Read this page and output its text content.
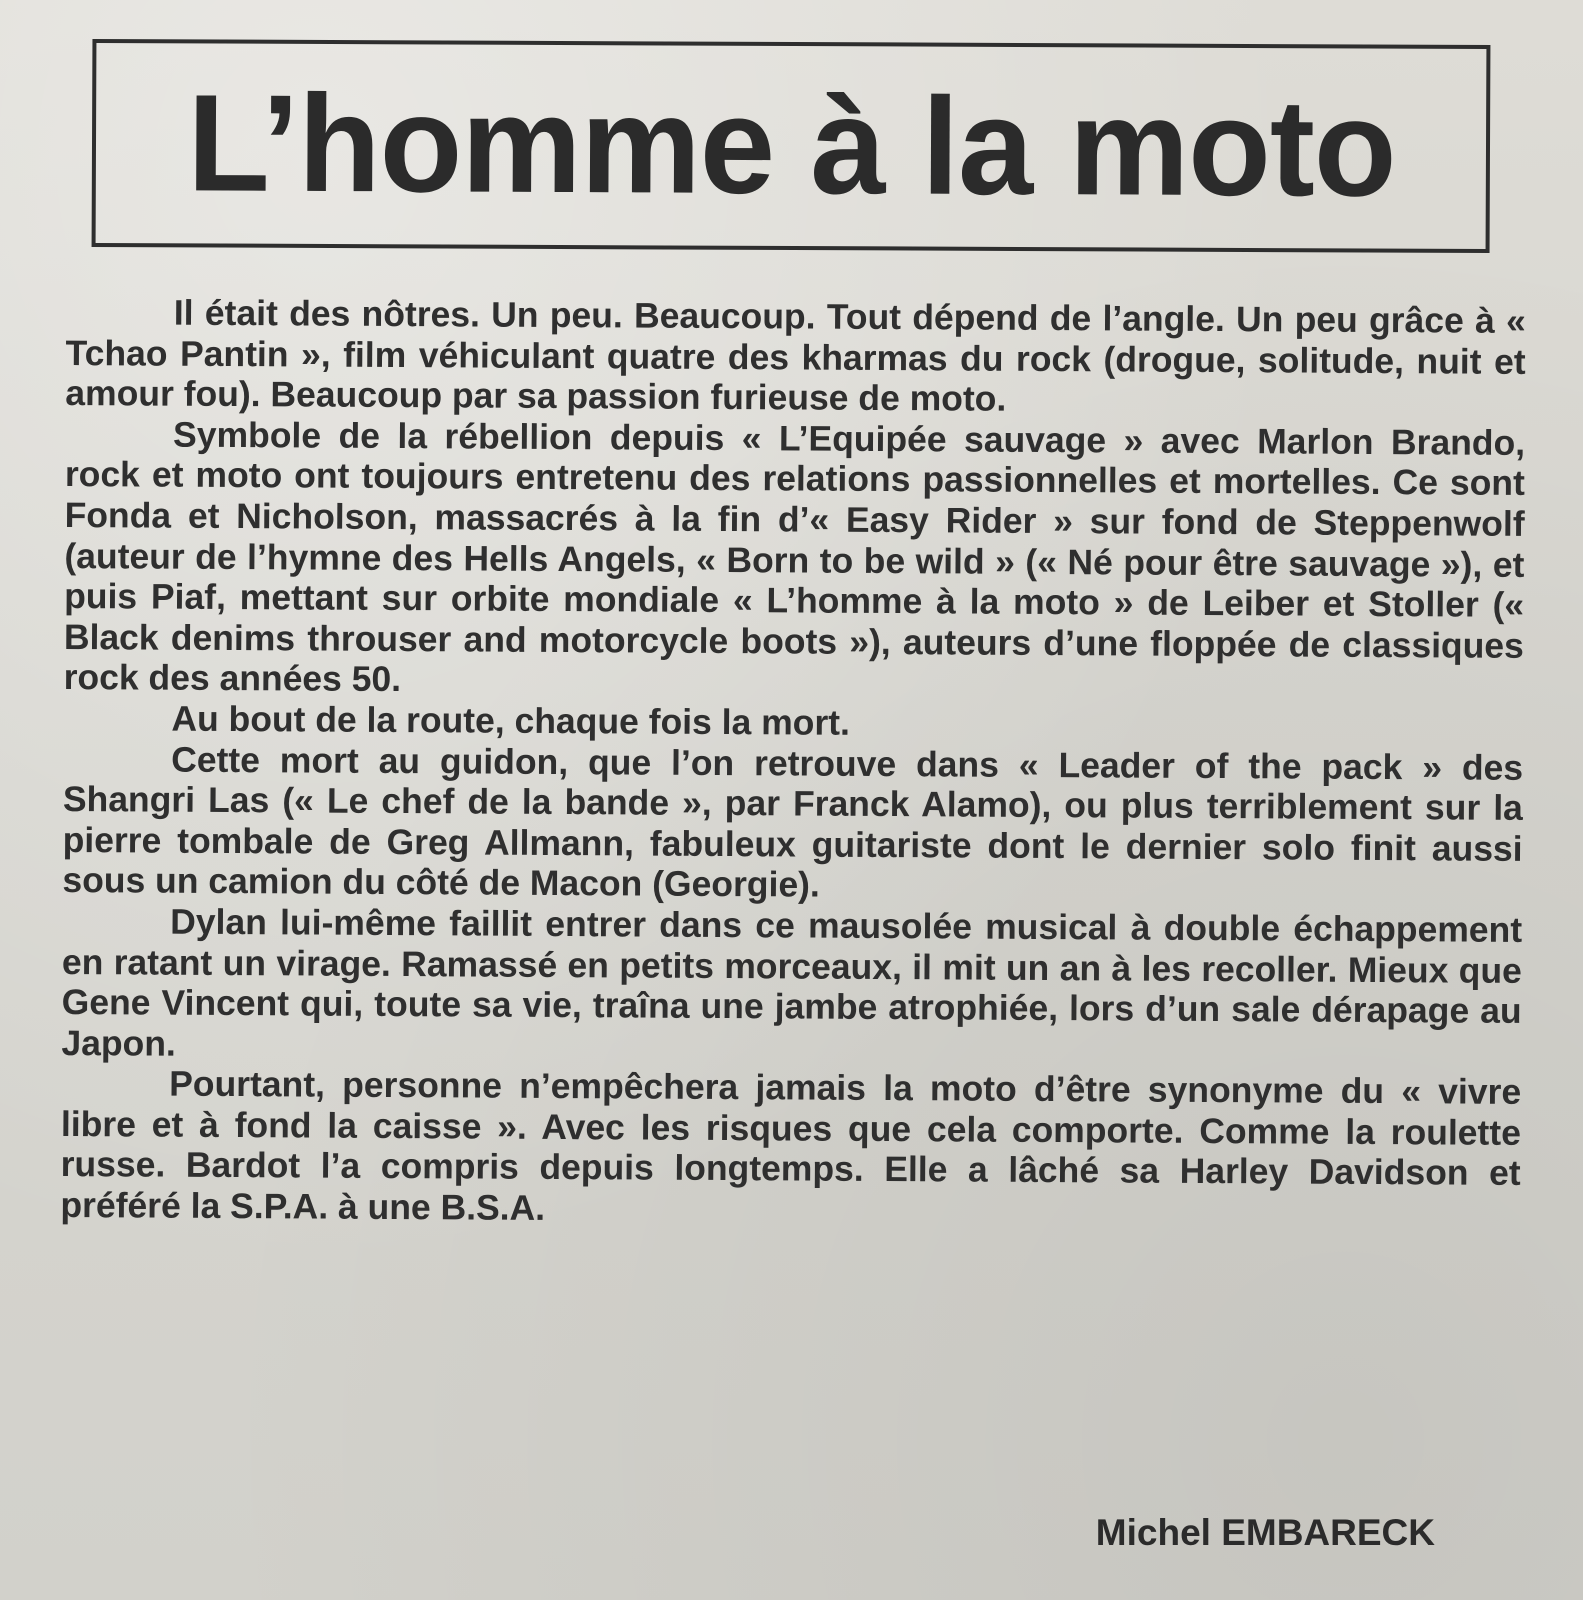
L’homme à la moto

Il était des nôtres. Un peu. Beaucoup. Tout dépend de l’angle. Un peu grâce à « Tchao Pantin », film véhiculant quatre des kharmas du rock (drogue, solitude, nuit et amour fou). Beaucoup par sa passion furieuse de moto.

Symbole de la rébellion depuis « L’Equipée sauvage » avec Marlon Brando, rock et moto ont toujours entretenu des relations passionnelles et mortelles. Ce sont Fonda et Nicholson, massacrés à la fin d’« Easy Rider » sur fond de Steppenwolf (auteur de l’hymne des Hells Angels, « Born to be wild » (« Né pour être sauvage »), et puis Piaf, mettant sur orbite mondiale « L’homme à la moto » de Leiber et Stoller (« Black denims throuser and motorcycle boots »), auteurs d’une floppée de classiques rock des années 50.

Au bout de la route, chaque fois la mort.

Cette mort au guidon, que l’on retrouve dans « Leader of the pack » des Shangri Las (« Le chef de la bande », par Franck Alamo), ou plus terriblement sur la pierre tombale de Greg Allmann, fabuleux guitariste dont le dernier solo finit aussi sous un camion du côté de Macon (Georgie).

Dylan lui-même faillit entrer dans ce mausolée musical à double échappement en ratant un virage. Ramassé en petits morceaux, il mit un an à les recoller. Mieux que Gene Vincent qui, toute sa vie, traîna une jambe atrophiée, lors d’un sale dérapage au Japon.

Pourtant, personne n’empêchera jamais la moto d’être synonyme du « vivre libre et à fond la caisse ». Avec les risques que cela comporte. Comme la roulette russe. Bardot l’a compris depuis longtemps. Elle a lâché sa Harley Davidson et préféré la S.P.A. à une B.S.A.

Michel EMBARECK
